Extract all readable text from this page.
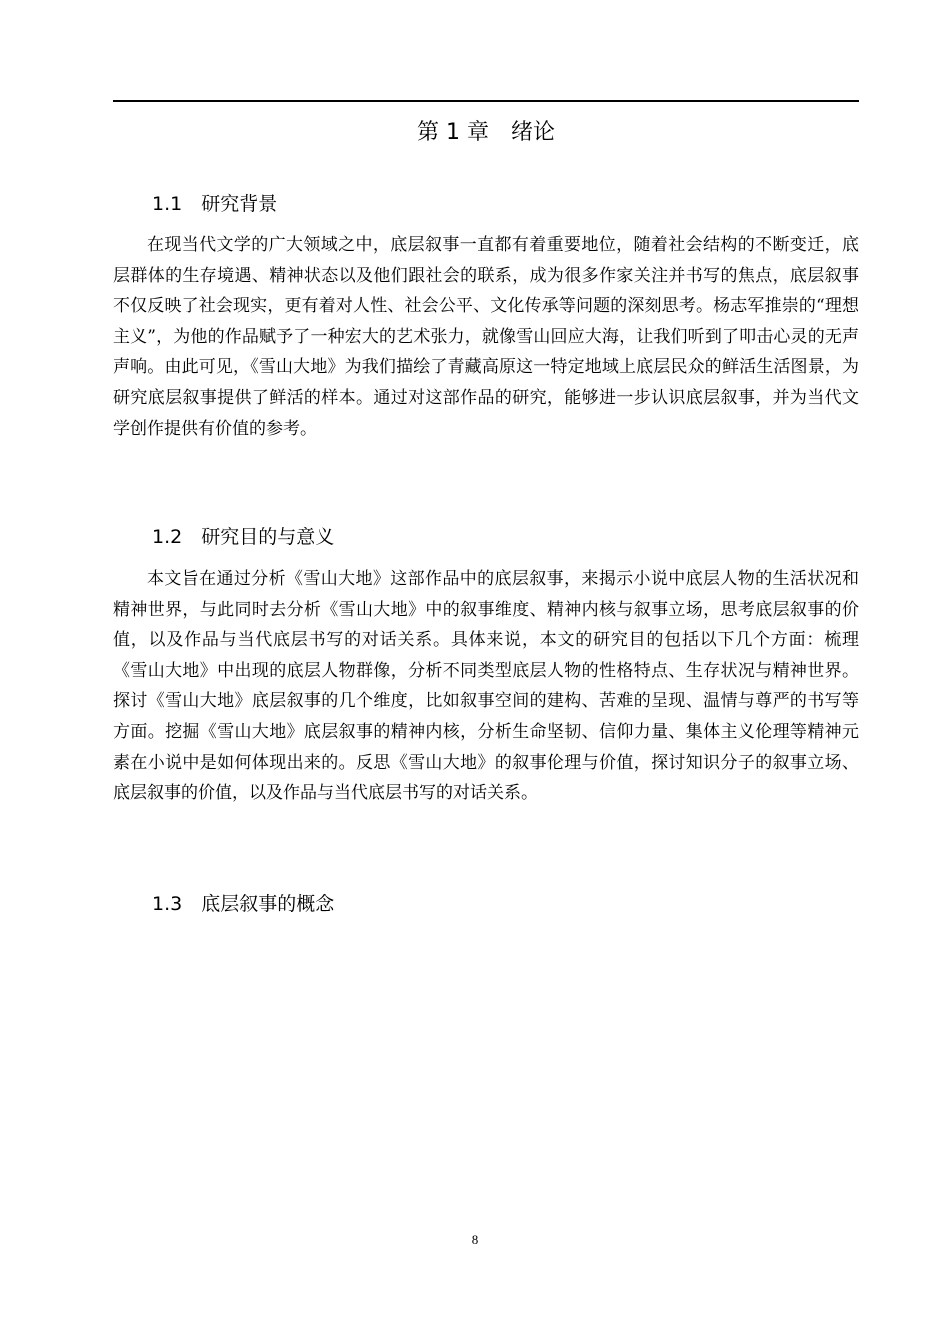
第 1 章　绪论
1.1　研究背景

在现当代文学的广大领域之中，底层叙事一直都有着重要地位，随着社会结构的不断变迁，底层群体的生存境遇、精神状态以及他们跟社会的联系，成为很多作家关注并书写的焦点，底层叙事不仅反映了社会现实，更有着对人性、社会公平、文化传承等问题的深刻思考。杨志军推崇的“理想主义”，为他的作品赋予了一种宏大的艺术张力，就像雪山回应大海，让我们听到了叩击心灵的无声声响。由此可见，《雪山大地》为我们描绘了青藏高原这一特定地域上底层民众的鲜活生活图景，为研究底层叙事提供了鲜活的样本。通过对这部作品的研究，能够进一步认识底层叙事，并为当代文学创作提供有价值的参考。

1.2　研究目的与意义

本文旨在通过分析《雪山大地》这部作品中的底层叙事，来揭示小说中底层人物的生活状况和精神世界，与此同时去分析《雪山大地》中的叙事维度、精神内核与叙事立场，思考底层叙事的价值，以及作品与当代底层书写的对话关系。具体来说，本文的研究目的包括以下几个方面：梳理《雪山大地》中出现的底层人物群像，分析不同类型底层人物的性格特点、生存状况与精神世界。探讨《雪山大地》底层叙事的几个维度，比如叙事空间的建构、苦难的呈现、温情与尊严的书写等方面。挖掘《雪山大地》底层叙事的精神内核，分析生命坚韧、信仰力量、集体主义伦理等精神元素在小说中是如何体现出来的。反思《雪山大地》的叙事伦理与价值，探讨知识分子的叙事立场、底层叙事的价值，以及作品与当代底层书写的对话关系。

1.3　底层叙事的概念
8
